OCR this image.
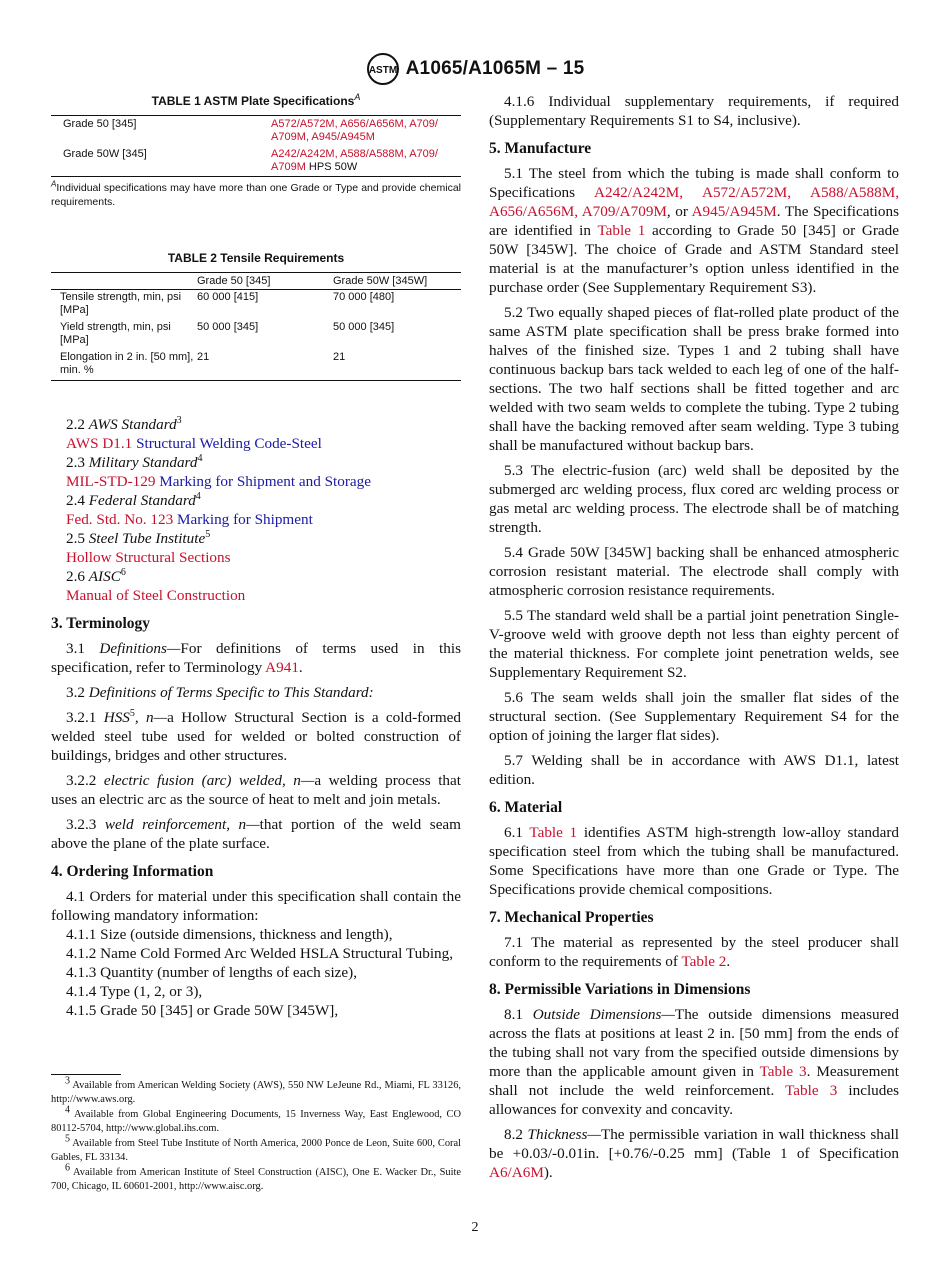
ASTM A1065/A1065M – 15

TABLE 1 ASTM Plate Specifications$^A$

Grade 50 [345]	A572/A572M, A656/A656M, A709/ A709M, A945/A945M
Grade 50W [345]	A242/A242M, A588/A588M, A709/ A709M HPS 50W

$^A$Individual specifications may have more than one Grade or Type and provide chemical requirements.

TABLE 2 Tensile Requirements

	Grade 50 [345]	Grade 50W [345W]
Tensile strength, min, psi [MPa]	60 000 [415]	70 000 [480]
Yield strength, min, psi [MPa]	50 000 [345]	50 000 [345]
Elongation in 2 in. [50 mm], min. %	21	21

2.2 AWS Standard$^3$

AWS D1.1 Structural Welding Code-Steel

2.3 Military Standard$^4$

MIL-STD-129 Marking for Shipment and Storage

2.4 Federal Standard$^4$

Fed. Std. No. 123 Marking for Shipment

2.5 Steel Tube Institute$^5$

Hollow Structural Sections

2.6 AISC$^6$

Manual of Steel Construction

3. Terminology

3.1 Definitions—For definitions of terms used in this specification, refer to Terminology A941.

3.2 Definitions of Terms Specific to This Standard:

3.2.1 HSS$^5$, n—a Hollow Structural Section is a cold-formed welded steel tube used for welded or bolted construction of buildings, bridges and other structures.

3.2.2 electric fusion (arc) welded, n—a welding process that uses an electric arc as the source of heat to melt and join metals.

3.2.3 weld reinforcement, n—that portion of the weld seam above the plane of the plate surface.

4. Ordering Information

4.1 Orders for material under this specification shall contain the following mandatory information:

4.1.1 Size (outside dimensions, thickness and length),

4.1.2 Name Cold Formed Arc Welded HSLA Structural Tubing,

4.1.3 Quantity (number of lengths of each size),

4.1.4 Type (1, 2, or 3),

4.1.5 Grade 50 [345] or Grade 50W [345W],

$^3$ Available from American Welding Society (AWS), 550 NW LeJeune Rd., Miami, FL 33126, http://www.aws.org.

$^4$ Available from Global Engineering Documents, 15 Inverness Way, East Englewood, CO 80112-5704, http://www.global.ihs.com.

$^5$ Available from Steel Tube Institute of North America, 2000 Ponce de Leon, Suite 600, Coral Gables, FL 33134.

$^6$ Available from American Institute of Steel Construction (AISC), One E. Wacker Dr., Suite 700, Chicago, IL 60601-2001, http://www.aisc.org.

4.1.6 Individual supplementary requirements, if required (Supplementary Requirements S1 to S4, inclusive).

5. Manufacture

5.1 The steel from which the tubing is made shall conform to Specifications A242/A242M, A572/A572M, A588/A588M, A656/A656M, A709/A709M, or A945/A945M. The Specifications are identified in Table 1 according to Grade 50 [345] or Grade 50W [345W]. The choice of Grade and ASTM Standard steel material is at the manufacturer’s option unless identified in the purchase order (See Supplementary Requirement S3).

5.2 Two equally shaped pieces of flat-rolled plate product of the same ASTM plate specification shall be press brake formed into halves of the finished size. Types 1 and 2 tubing shall have continuous backup bars tack welded to each leg of one of the half-sections. The two half sections shall be fitted together and arc welded with two seam welds to complete the tubing. Type 2 tubing shall have the backing removed after seam welding. Type 3 tubing shall be manufactured without backup bars.

5.3 The electric-fusion (arc) weld shall be deposited by the submerged arc welding process, flux cored arc welding process or gas metal arc welding process. The electrode shall be of matching strength.

5.4 Grade 50W [345W] backing shall be enhanced atmospheric corrosion resistant material. The electrode shall comply with atmospheric corrosion resistance requirements.

5.5 The standard weld shall be a partial joint penetration Single-V-groove weld with groove depth not less than eighty percent of the material thickness. For complete joint penetration welds, see Supplementary Requirement S2.

5.6 The seam welds shall join the smaller flat sides of the structural section. (See Supplementary Requirement S4 for the option of joining the larger flat sides).

5.7 Welding shall be in accordance with AWS D1.1, latest edition.

6. Material

6.1 Table 1 identifies ASTM high-strength low-alloy standard specification steel from which the tubing shall be manufactured. Some Specifications have more than one Grade or Type. The Specifications provide chemical compositions.

7. Mechanical Properties

7.1 The material as represented by the steel producer shall conform to the requirements of Table 2.

8. Permissible Variations in Dimensions

8.1 Outside Dimensions—The outside dimensions measured across the flats at positions at least 2 in. [50 mm] from the ends of the tubing shall not vary from the specified outside dimensions by more than the applicable amount given in Table 3. Measurement shall not include the weld reinforcement. Table 3 includes allowances for convexity and concavity.

8.2 Thickness—The permissible variation in wall thickness shall be +0.03/-0.01in. [+0.76/-0.25 mm] (Table 1 of Specification A6/A6M).

2
